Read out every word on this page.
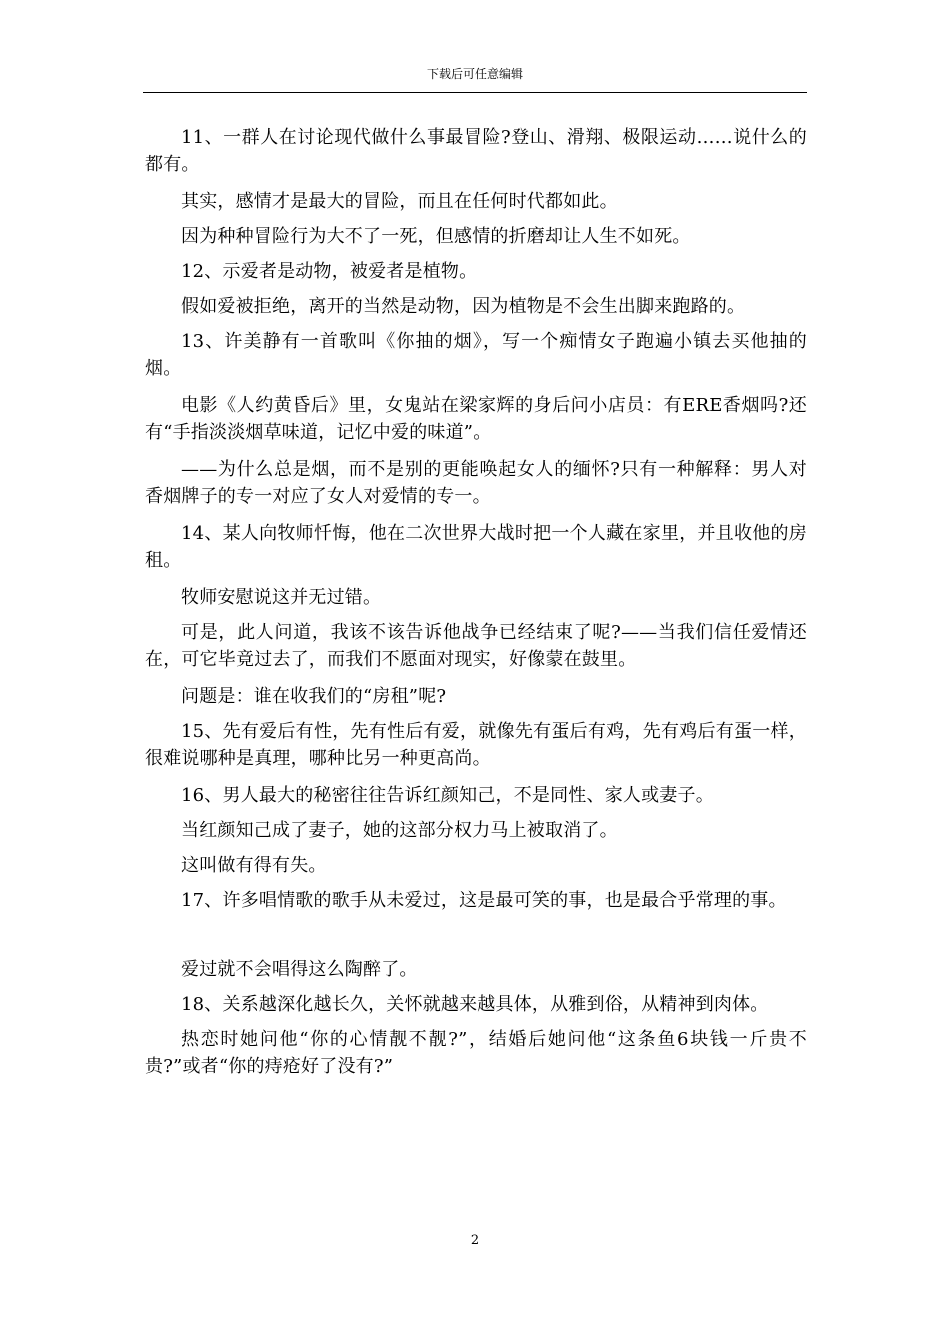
下载后可任意编辑

11、一群人在讨论现代做什么事最冒险?登山、滑翔、极限运动……说什么的都有。

其实，感情才是最大的冒险，而且在任何时代都如此。

因为种种冒险行为大不了一死，但感情的折磨却让人生不如死。

12、示爱者是动物，被爱者是植物。

假如爱被拒绝，离开的当然是动物，因为植物是不会生出脚来跑路的。

13、许美静有一首歌叫《你抽的烟》，写一个痴情女子跑遍小镇去买他抽的烟。

电影《人约黄昏后》里，女鬼站在梁家辉的身后问小店员：有ERE香烟吗?还有“手指淡淡烟草味道，记忆中爱的味道”。

——为什么总是烟，而不是别的更能唤起女人的缅怀?只有一种解释：男人对香烟牌子的专一对应了女人对爱情的专一。

14、某人向牧师忏悔，他在二次世界大战时把一个人藏在家里，并且收他的房租。

牧师安慰说这并无过错。

可是，此人问道，我该不该告诉他战争已经结束了呢?——当我们信任爱情还在，可它毕竟过去了，而我们不愿面对现实，好像蒙在鼓里。

问题是：谁在收我们的“房租”呢?

15、先有爱后有性，先有性后有爱，就像先有蛋后有鸡，先有鸡后有蛋一样，很难说哪种是真理，哪种比另一种更高尚。

16、男人最大的秘密往往告诉红颜知己，不是同性、家人或妻子。

当红颜知己成了妻子，她的这部分权力马上被取消了。

这叫做有得有失。

17、许多唱情歌的歌手从未爱过，这是最可笑的事，也是最合乎常理的事。

爱过就不会唱得这么陶醉了。

18、关系越深化越长久，关怀就越来越具体，从雅到俗，从精神到肉体。

热恋时她问他“你的心情靓不靓?”，结婚后她问他“这条鱼6块钱一斤贵不贵?”或者“你的痔疮好了没有?”

2
